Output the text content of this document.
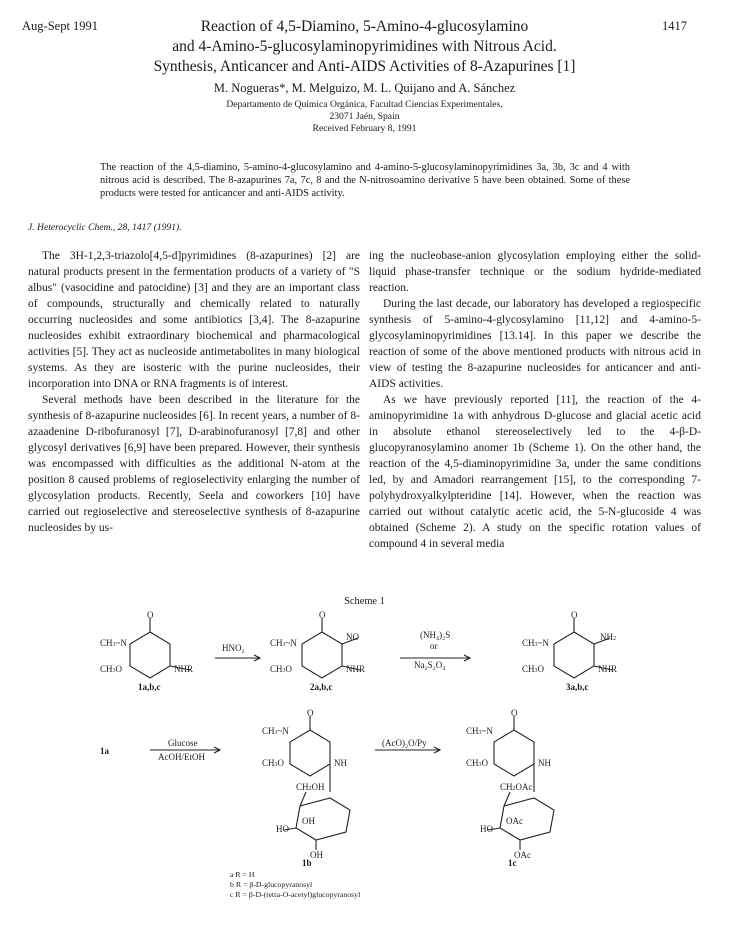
Aug-Sept 1991	1417
Reaction of 4,5-Diamino, 5-Amino-4-glucosylamino
and 4-Amino-5-glucosylaminopyrimidines with Nitrous Acid.
Synthesis, Anticancer and Anti-AIDS Activities of 8-Azapurines [1]
M. Nogueras*, M. Melguizo, M. L. Quijano and A. Sánchez
Departamento de Química Orgánica, Facultad Ciencias Experimentales,
23071 Jaén, Spain
Received February 8, 1991
The reaction of the 4,5-diamino, 5-amino-4-glucosylamino and 4-amino-5-glucosylaminopyrimidines 3a, 3b, 3c and 4 with nitrous acid is described. The 8-azapurines 7a, 7c, 8 and the N-nitrosoamino derivative 5 have been obtained. Some of these products were tested for anticancer and anti-AIDS activity.
J. Heterocyclic Chem., 28, 1417 (1991).

The 3H-1,2,3-triazolo[4,5-d]pyrimidines (8-azapurines) [2] are natural products present in the fermentation products of a variety of "S albus" (vasocidine and patocidine) [3] and they are an important class of compounds, structurally and chemically related to naturally occurring nucleosides and some antibiotics [3,4]. The 8-azapurine nucleosides exhibit extraordinary biochemical and pharmacological activities [5]. They act as nucleoside antimetabolites in many biological systems. As they are isosteric with the purine nucleosides, their incorporation into DNA or RNA fragments is of interest.

Several methods have been described in the literature for the synthesis of 8-azapurine nucleosides [6]. In recent years, a number of 8-azaadenine D-ribofuranosyl [7], D-arabinofuranosyl [7,8] and other glycosyl derivatives [6,9] have been prepared. However, their synthesis was encompassed with difficulties as the additional N-atom at the position 8 caused problems of regioselectivity enlarging the number of glycosylation products. Recently, Seela and coworkers [10] have carried out regioselective and stereoselective synthesis of 8-azapurine nucleosides by us-

ing the nucleobase-anion glycosylation employing either the solid-liquid phase-transfer technique or the sodium hydride-mediated reaction.

During the last decade, our laboratory has developed a regiospecific synthesis of 5-amino-4-glycosylamino [11,12] and 4-amino-5-glycosylaminopyrimidines [13.14]. In this paper we describe the reaction of some of the above mentioned products with nitrous acid in view of testing the 8-azapurine nucleosides for anticancer and anti-AIDS activities.

As we have previously reported [11], the reaction of the 4-aminopyrimidine 1a with anhydrous D-glucose and glacial acetic acid in absolute ethanol stereoselectively led to the 4-β-D-glucopyranosylamino anomer 1b (Scheme 1). On the other hand, the reaction of the 4,5-diaminopyrimidine 3a, under the same conditions led, by and Amadori rearrangement [15], to the corresponding 7-polyhydroxyalkylpteridine [14]. However, when the reaction was carried out without catalytic acetic acid, the 5-N-glucoside 4 was obtained (Scheme 2). A study on the specific rotation values of compound 4 in several media

Scheme 1
O
CH3~N
CH3O	NHR
O
CH3~N
CH3O
NO
NHR
O
CH3~N
CH3O
NH2
NHR
O
CH3~N
CH3O	NH
CH2OH
OH
HO
OH
O
CH3~N
CH3O	NH
CH2OAc
OAc
HO
OAc
1a,b,c	2a,b,c	3a,b,c
1b	1c
1a
HNO₂
(NH₄)₂S
or
Na₂S₂O₄
Glucose
AcOH/EtOH
(AcO)₂O/Py
a R = H
b R = β-D-glucopyranosyl
c R = β-D-(tetra-O-acetyl)glucopyranosyl
